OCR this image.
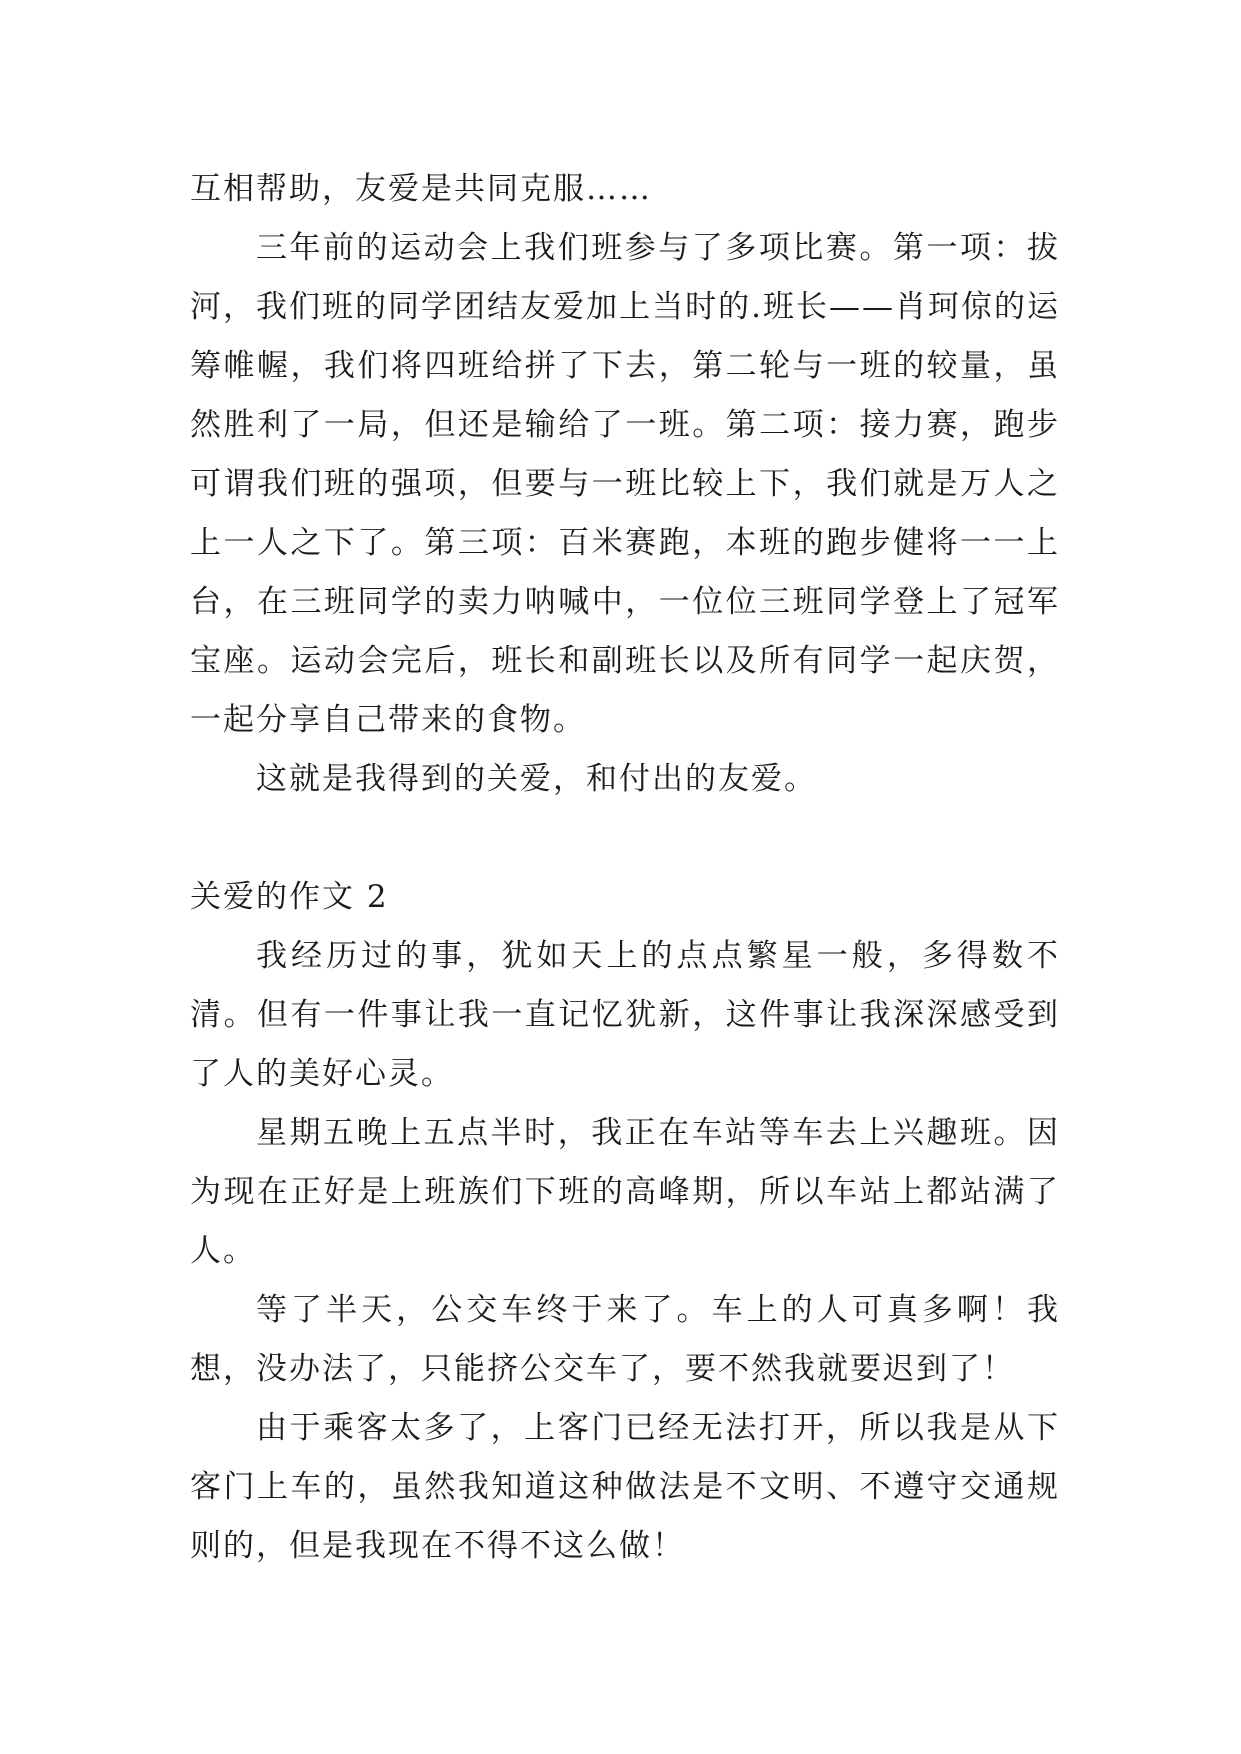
互相帮助，友爱是共同克服……

三年前的运动会上我们班参与了多项比赛。第一项：拔河，我们班的同学团结友爱加上当时的.班长——肖珂倞的运筹帷幄，我们将四班给拼了下去，第二轮与一班的较量，虽然胜利了一局，但还是输给了一班。第二项：接力赛，跑步可谓我们班的强项，但要与一班比较上下，我们就是万人之上一人之下了。第三项：百米赛跑，本班的跑步健将一一上台，在三班同学的卖力呐喊中，一位位三班同学登上了冠军宝座。运动会完后，班长和副班长以及所有同学一起庆贺，一起分享自己带来的食物。

这就是我得到的关爱，和付出的友爱。

关爱的作文 2

我经历过的事，犹如天上的点点繁星一般，多得数不清。但有一件事让我一直记忆犹新，这件事让我深深感受到了人的美好心灵。

星期五晚上五点半时，我正在车站等车去上兴趣班。因为现在正好是上班族们下班的高峰期，所以车站上都站满了人。

等了半天，公交车终于来了。车上的人可真多啊！我想，没办法了，只能挤公交车了，要不然我就要迟到了！

由于乘客太多了，上客门已经无法打开，所以我是从下客门上车的，虽然我知道这种做法是不文明、不遵守交通规则的，但是我现在不得不这么做！
